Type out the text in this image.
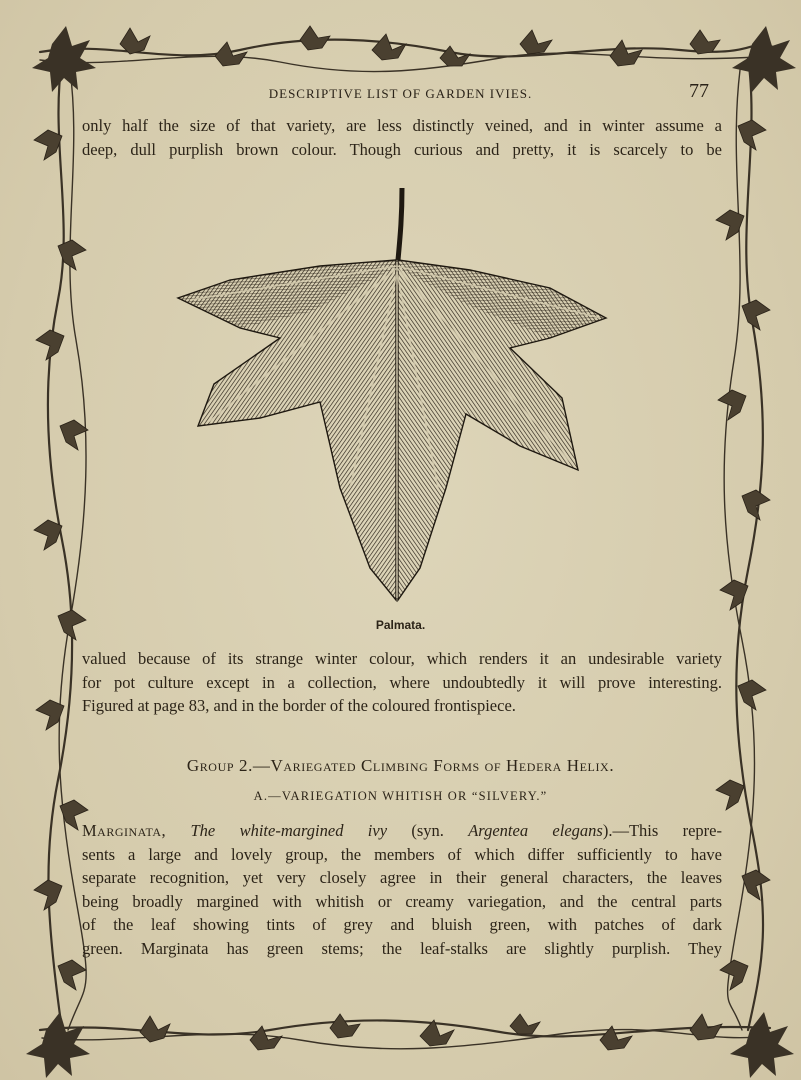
DESCRIPTIVE LIST OF GARDEN IVIES.	77

only half the size of that variety, are less distinctly veined, and in winter assume a
deep, dull purplish brown colour. Though curious and pretty, it is scarcely to be

Palmata.

valued because of its strange winter colour, which renders it an undesirable variety
for pot culture except in a collection, where undoubtedly it will prove interesting.
Figured at page 83, and in the border of the coloured frontispiece.

Group 2.—Variegated Climbing Forms of Hedera Helix.
A.—VARIEGATION WHITISH OR “SILVERY.”

Marginata, The white-margined ivy (syn. Argentea elegans).—This repre-
sents a large and lovely group, the members of which differ sufficiently to have
separate recognition, yet very closely agree in their general characters, the leaves
being broadly margined with whitish or creamy variegation, and the central parts
of the leaf showing tints of grey and bluish green, with patches of dark
green. Marginata has green stems; the leaf-stalks are slightly purplish. They
